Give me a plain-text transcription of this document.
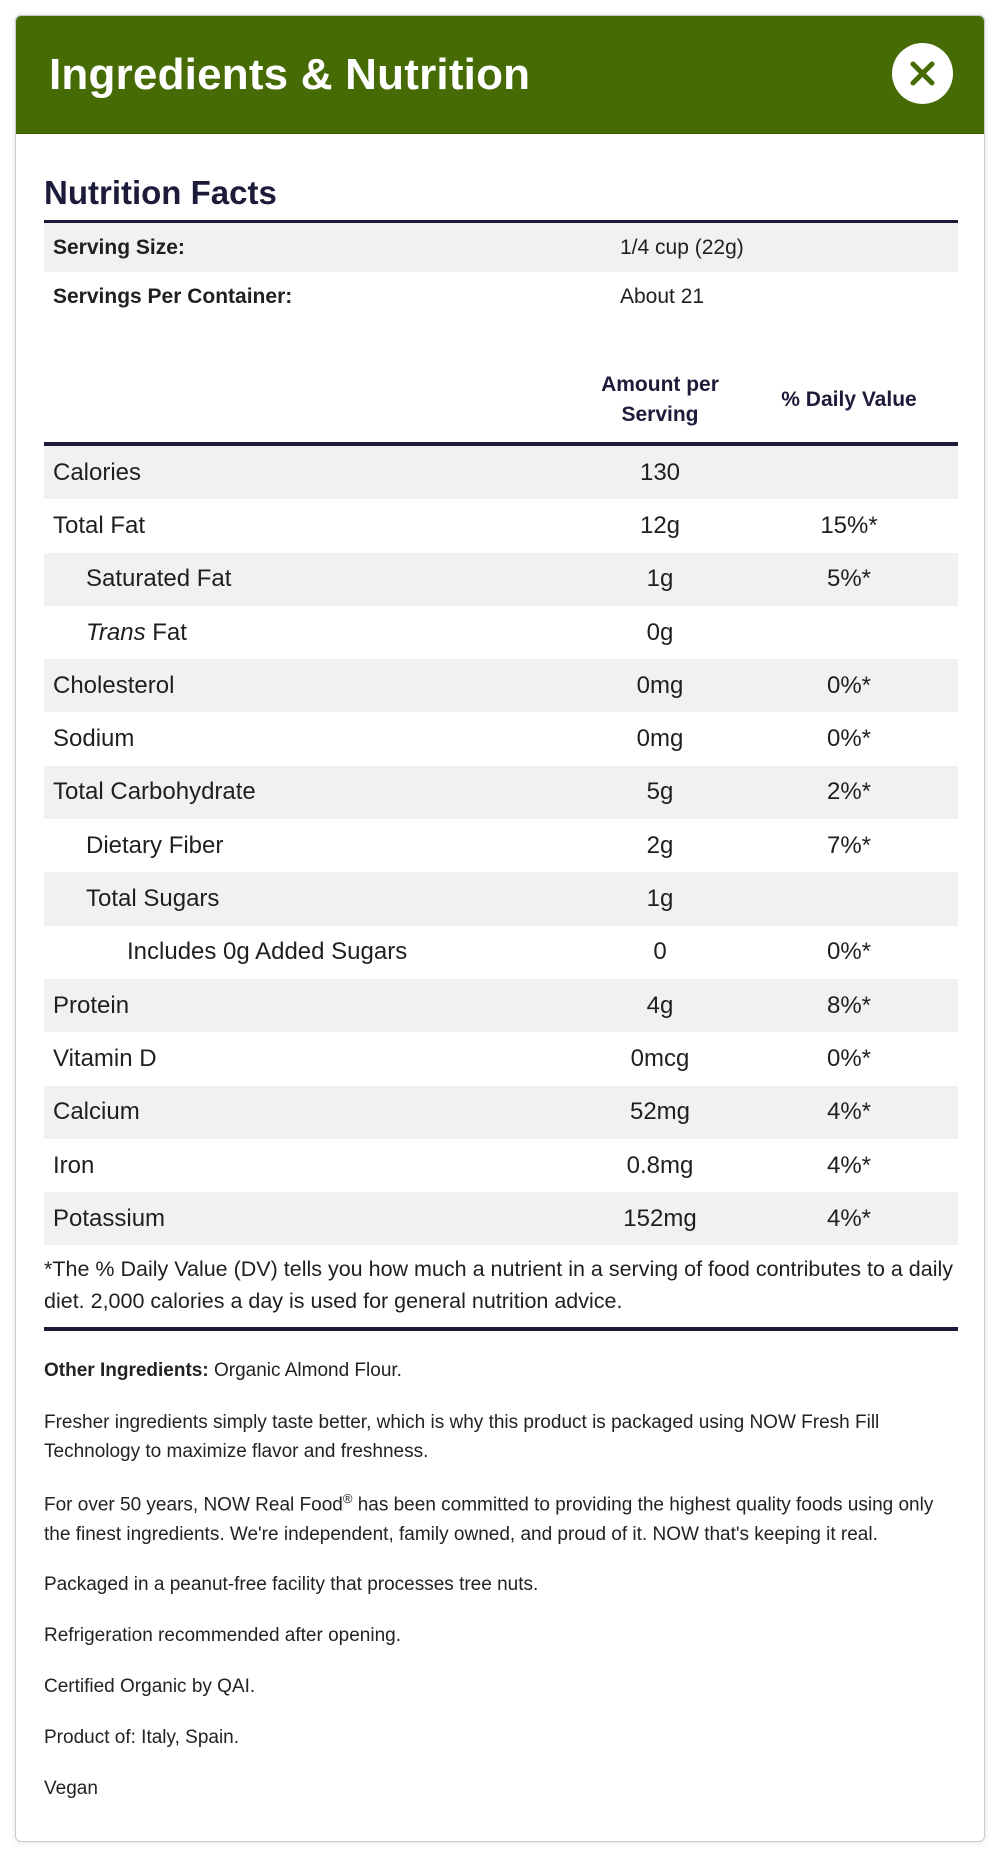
Ingredients & Nutrition
Nutrition Facts
Serving Size:	1/4 cup (22g)
Servings Per Container:	About 21
Amount per Serving
% Daily Value
Calories	130
Total Fat	12g	15%*
Saturated Fat	1g	5%*
Trans Fat	0g
Cholesterol	0mg	0%*
Sodium	0mg	0%*
Total Carbohydrate	5g	2%*
Dietary Fiber	2g	7%*
Total Sugars	1g
Includes 0g Added Sugars	0	0%*
Protein	4g	8%*
Vitamin D	0mcg	0%*
Calcium	52mg	4%*
Iron	0.8mg	4%*
Potassium	152mg	4%*
*The % Daily Value (DV) tells you how much a nutrient in a serving of food contributes to a daily diet. 2,000 calories a day is used for general nutrition advice.

Other Ingredients: Organic Almond Flour.

Fresher ingredients simply taste better, which is why this product is packaged using NOW Fresh Fill Technology to maximize flavor and freshness.

For over 50 years, NOW Real Food® has been committed to providing the highest quality foods using only the finest ingredients. We're independent, family owned, and proud of it. NOW that's keeping it real.

Packaged in a peanut-free facility that processes tree nuts.

Refrigeration recommended after opening.

Certified Organic by QAI.

Product of: Italy, Spain.

Vegan
